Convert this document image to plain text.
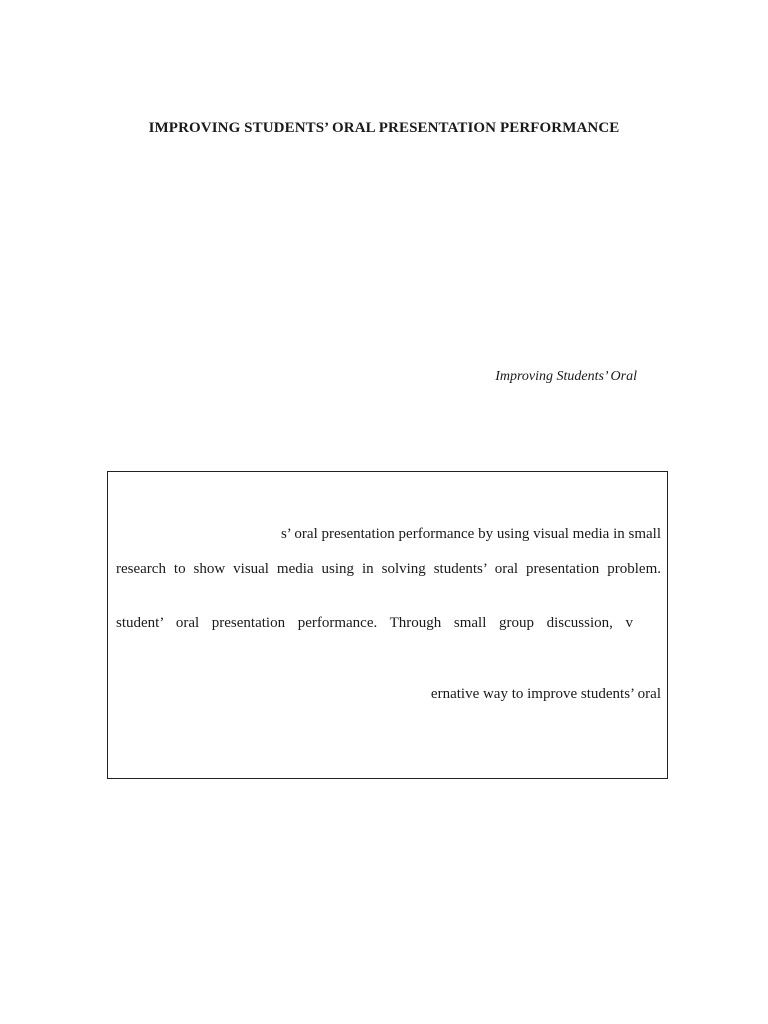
IMPROVING STUDENTS’ ORAL PRESENTATION PERFORMANCE
Improving Students’ Oral
s’ oral presentation performance by using visual media in small
research to show visual media using in solving students’ oral presentation problem.
student’ oral presentation performance. Through small group discussion, v
ernative way to improve students’ oral
